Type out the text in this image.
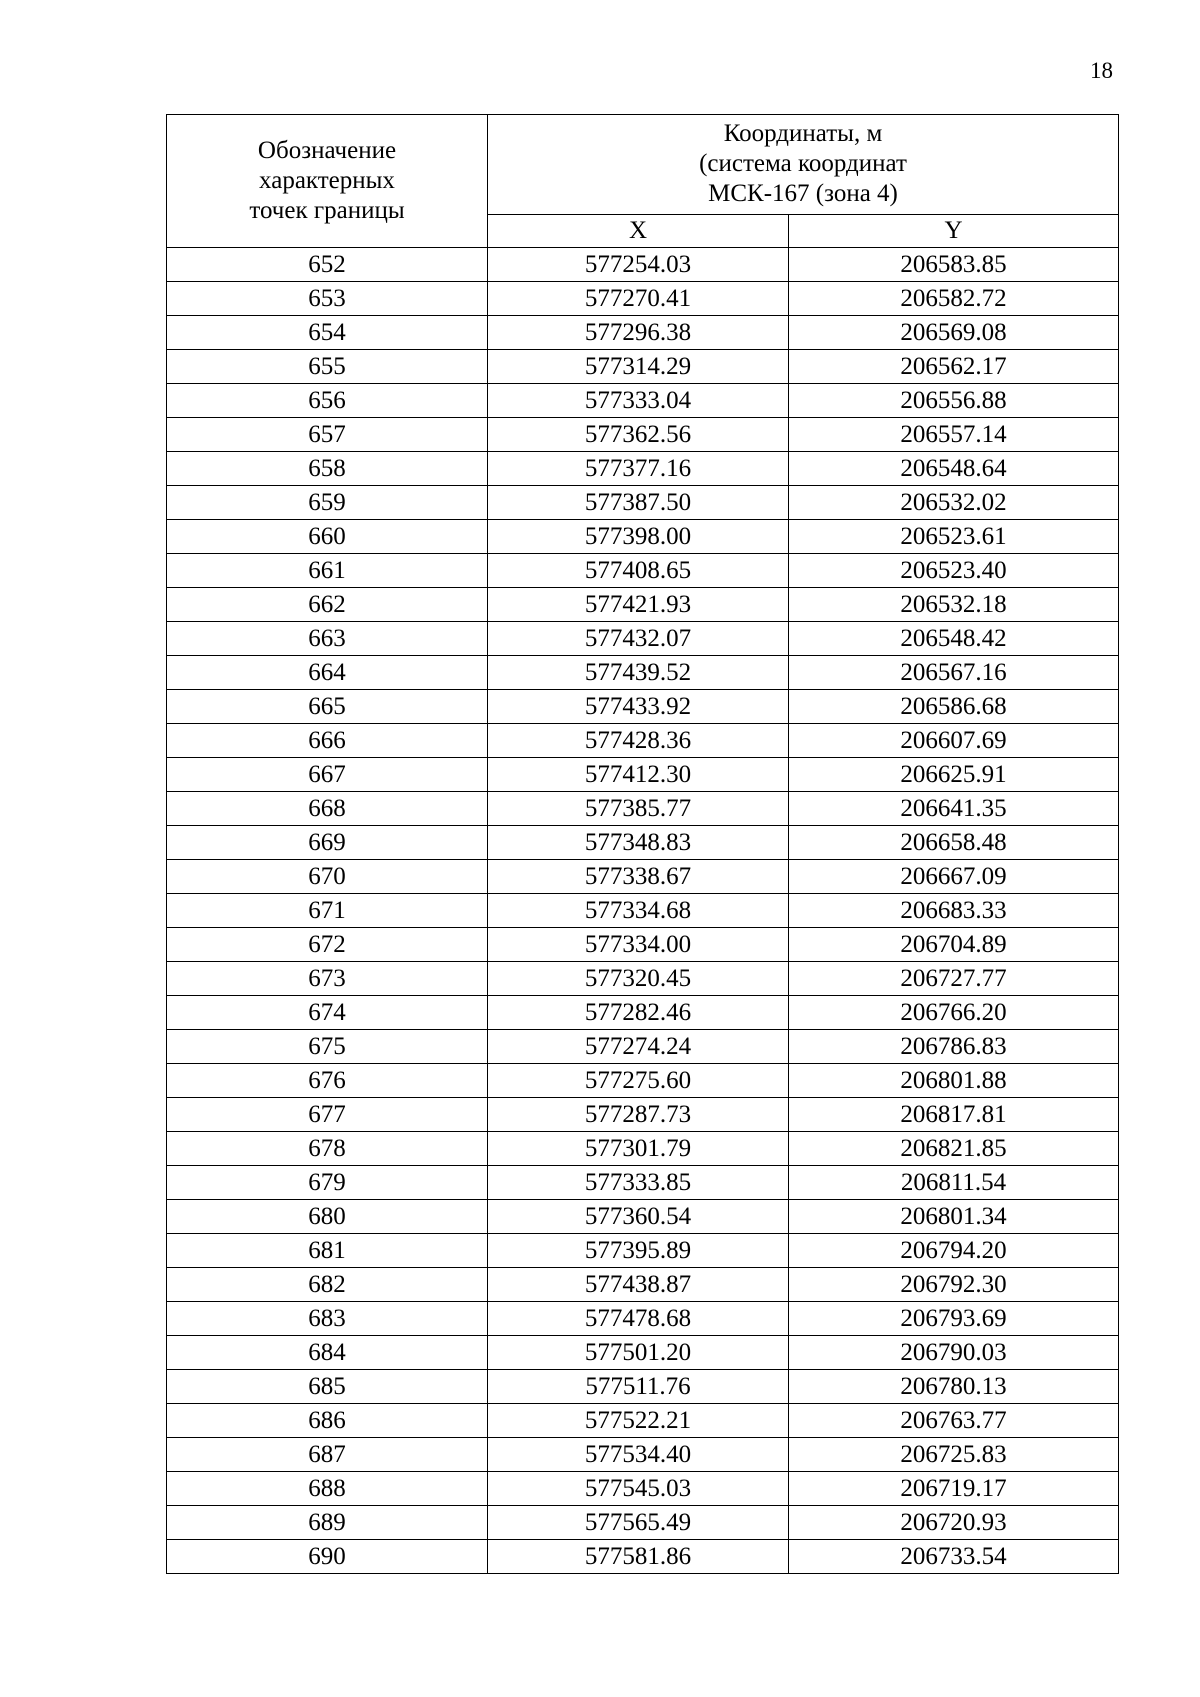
18
Обозначение
характерных
точек границы	Координаты, м
(система координат
МСК-167 (зона 4)	

	X	Y
652	577254.03	206583.85
653	577270.41	206582.72
654	577296.38	206569.08
655	577314.29	206562.17
656	577333.04	206556.88
657	577362.56	206557.14
658	577377.16	206548.64
659	577387.50	206532.02
660	577398.00	206523.61
661	577408.65	206523.40
662	577421.93	206532.18
663	577432.07	206548.42
664	577439.52	206567.16
665	577433.92	206586.68
666	577428.36	206607.69
667	577412.30	206625.91
668	577385.77	206641.35
669	577348.83	206658.48
670	577338.67	206667.09
671	577334.68	206683.33
672	577334.00	206704.89
673	577320.45	206727.77
674	577282.46	206766.20
675	577274.24	206786.83
676	577275.60	206801.88
677	577287.73	206817.81
678	577301.79	206821.85
679	577333.85	206811.54
680	577360.54	206801.34
681	577395.89	206794.20
682	577438.87	206792.30
683	577478.68	206793.69
684	577501.20	206790.03
685	577511.76	206780.13
686	577522.21	206763.77
687	577534.40	206725.83
688	577545.03	206719.17
689	577565.49	206720.93
690	577581.86	206733.54
